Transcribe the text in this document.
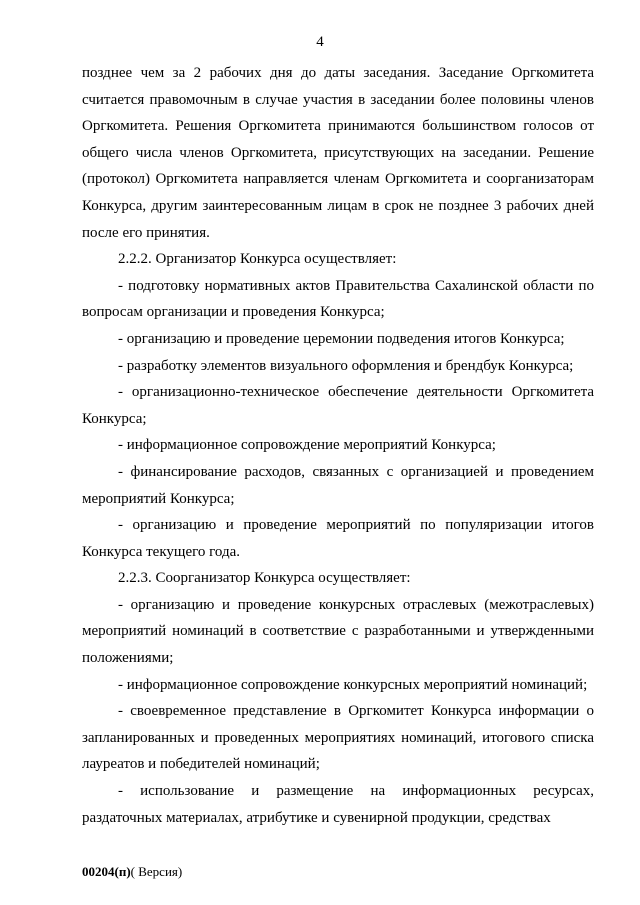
4

позднее чем за 2 рабочих дня до даты заседания. Заседание Оргкомитета считается правомочным в случае участия в заседании более половины членов Оргкомитета. Решения Оргкомитета принимаются большинством голосов от общего числа членов Оргкомитета, присутствующих на заседании. Решение (протокол) Оргкомитета направляется членам Оргкомитета и соорганизаторам Конкурса, другим заинтересованным лицам в срок не позднее 3 рабочих дней после его принятия.

2.2.2. Организатор Конкурса осуществляет:

- подготовку нормативных актов Правительства Сахалинской области по вопросам организации и проведения Конкурса;

- организацию и проведение церемонии подведения итогов Конкурса;

- разработку элементов визуального оформления и брендбук Конкурса;

- организационно-техническое обеспечение деятельности Оргкомитета Конкурса;

- информационное сопровождение мероприятий Конкурса;

- финансирование расходов, связанных с организацией и проведением мероприятий Конкурса;

- организацию и проведение мероприятий по популяризации итогов Конкурса текущего года.

2.2.3. Соорганизатор Конкурса осуществляет:

- организацию и проведение конкурсных отраслевых (межотраслевых) мероприятий номинаций в соответствие с разработанными и утвержденными положениями;

- информационное сопровождение конкурсных мероприятий номинаций;

- своевременное представление в Оргкомитет Конкурса информации о запланированных и проведенных мероприятиях номинаций, итогового списка лауреатов и победителей номинаций;

- использование и размещение на информационных ресурсах, раздаточных материалах, атрибутике и сувенирной продукции, средствах

00204(п)( Версия)
